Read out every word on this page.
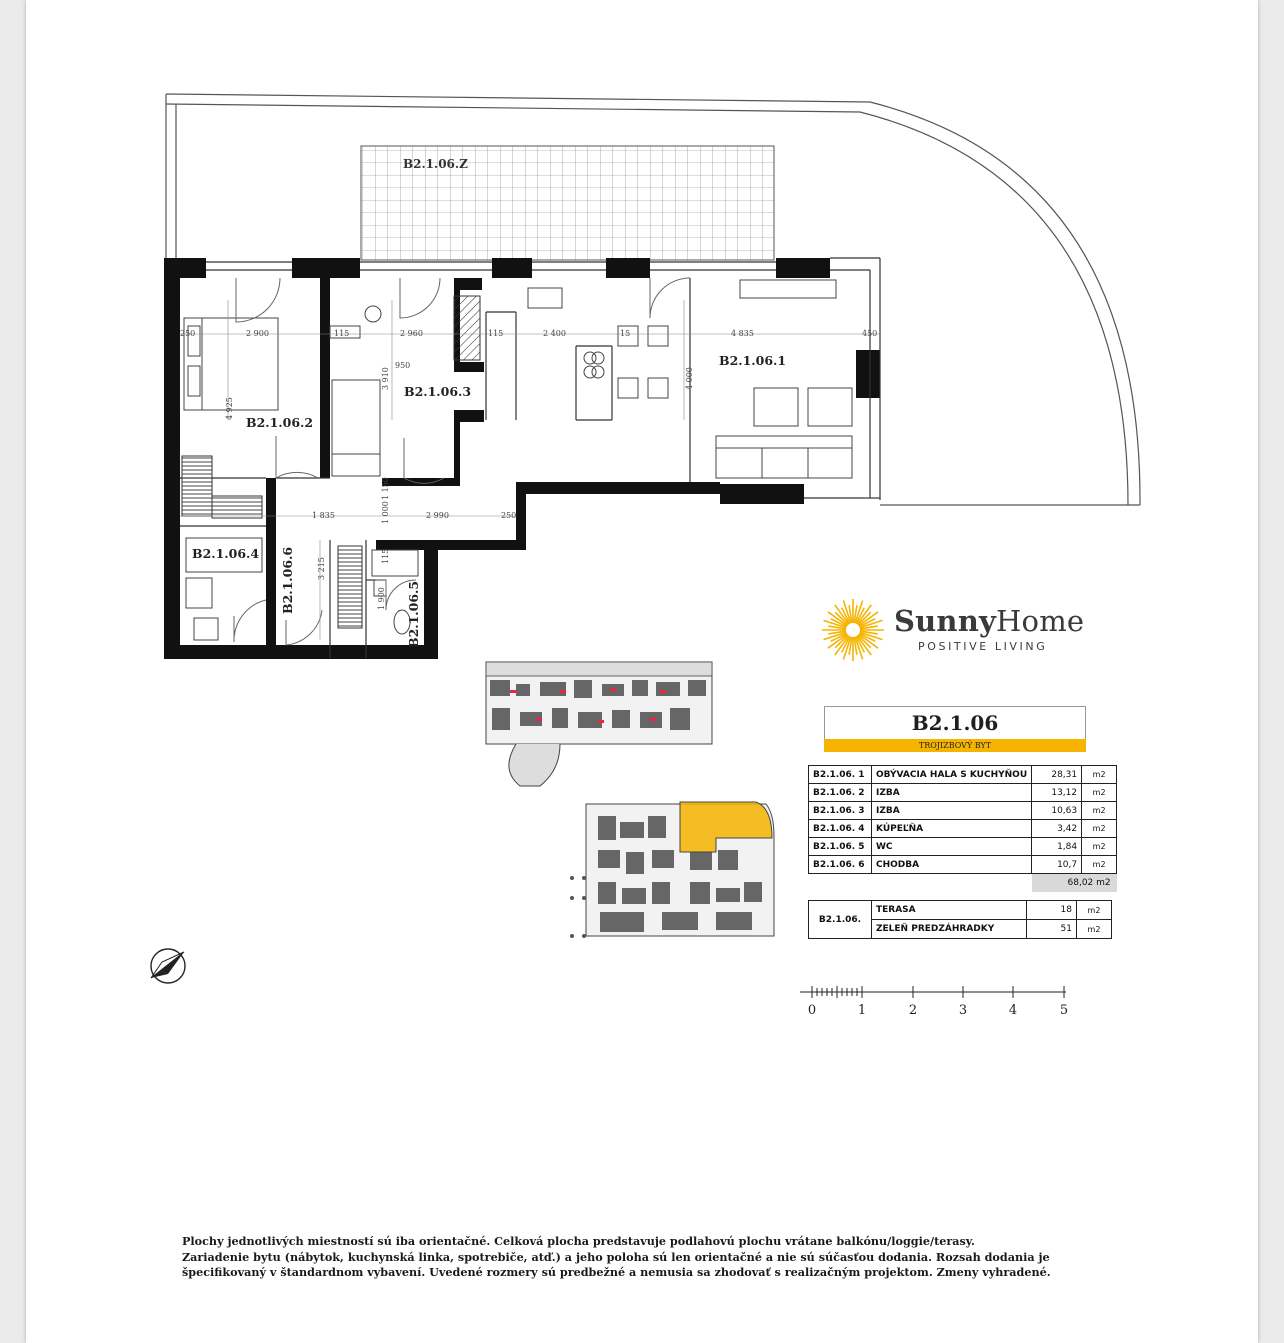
B2.1.06.Z
250	2 900	115	2 960	115	2 400	15	4 835	450
1 835	2 990	250
950
4 925
3 910	4 000
1 000
1 150
3 215
115
1 900
B2.1.06.1
B2.1.06.2
B2.1.06.3
B2.1.06.4 B2.1.06.6
B2.1.06.5
0	1	2	3	4	5
SunnyHome
POSITIVE LIVING
B2.1.06
TROJIZBOVÝ BYT
B2.1.06. 1	OBÝVACIA HALA S KUCHYŇOU	28,31	m2
B2.1.06. 2	IZBA	13,12	m2
B2.1.06. 3	IZBA	10,63	m2
B2.1.06. 4	KÚPEĽŇA	3,42	m2
B2.1.06. 5	WC	1,84	m2
B2.1.06. 6	CHODBA	10,7	m2
		68,02 m2	
B2.1.06.	TERASA	18	m2
	ZELEŇ PREDZÁHRADKY	51	m2

Plochy jednotlivých miestností sú iba orientačné. Celková plocha predstavuje podlahovú plochu vrátane balkónu/loggie/terasy.

Zariadenie bytu (nábytok, kuchynská linka, spotrebiče, atď.) a jeho poloha sú len orientačné a nie sú súčasťou dodania. Rozsah dodania je

špecifikovaný v štandardnom vybavení. Uvedené rozmery sú predbežné a nemusia sa zhodovať s realizačným projektom. Zmeny vyhradené.
